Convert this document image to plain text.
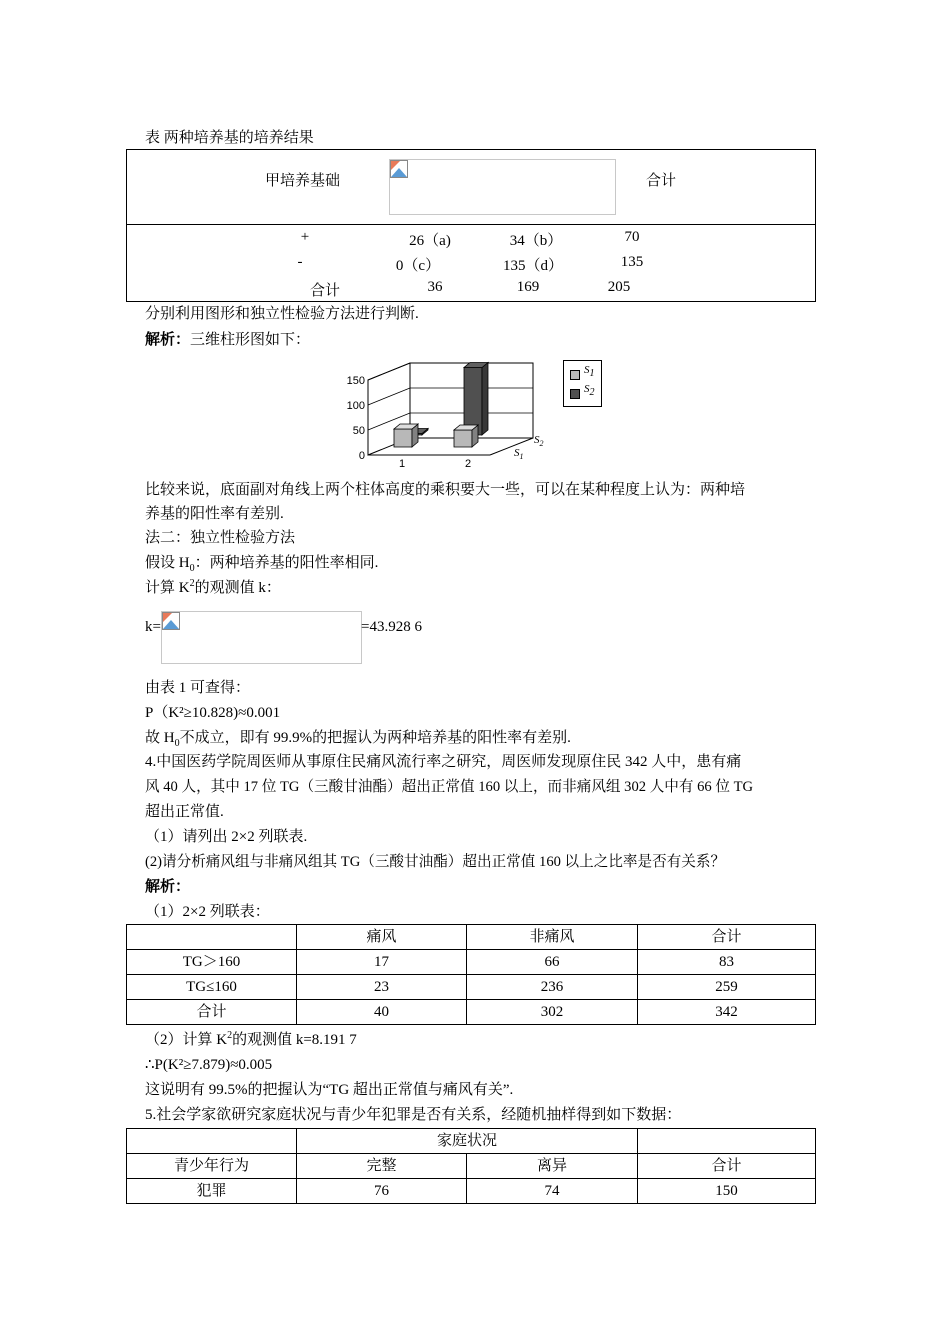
表 两种培养基的培养结果
甲培养基础	合计
+	26（a)	34（b）	70
-	0（c）	135（d）	135
合计	36	169	205
分别利用图形和独立性检验方法进行判断.
解析：三维柱形图如下：
0
50
100
150
1	2
$S_2$
$S_1$
$S_1$
$S_2$
比较来说，底面副对角线上两个柱体高度的乘积要大一些，可以在某种程度上认为：两种培
养基的阳性率有差别.
法二：独立性检验方法
假设 $H_0$：两种培养基的阳性率相同.
计算 $K^2$的观测值 k：
k=	=43.928 6
由表 1 可查得：
P（K²≥10.828)≈0.001
故 $H_0$不成立，即有 99.9%的把握认为两种培养基的阳性率有差别.
4.中国医药学院周医师从事原住民痛风流行率之研究，周医师发现原住民 342 人中，患有痛
风 40 人，其中 17 位 TG（三酸甘油酯）超出正常值 160 以上，而非痛风组 302 人中有 66 位 TG
超出正常值.
（1）请列出 2×2 列联表.
(2)请分析痛风组与非痛风组其 TG（三酸甘油酯）超出正常值 160 以上之比率是否有关系？
解析：
（1）2×2 列联表：
	痛风	非痛风	合计
TG＞160	17	66	83
TG≤160	23	236	259
合计	40	302	342
（2）计算 $K^2$的观测值 k=8.191 7
∴P(K²≥7.879)≈0.005
这说明有 99.5%的把握认为“TG 超出正常值与痛风有关”.
5.社会学家欲研究家庭状况与青少年犯罪是否有关系，经随机抽样得到如下数据：
	家庭状况		
青少年行为	完整	离异	合计
犯罪	76	74	150
